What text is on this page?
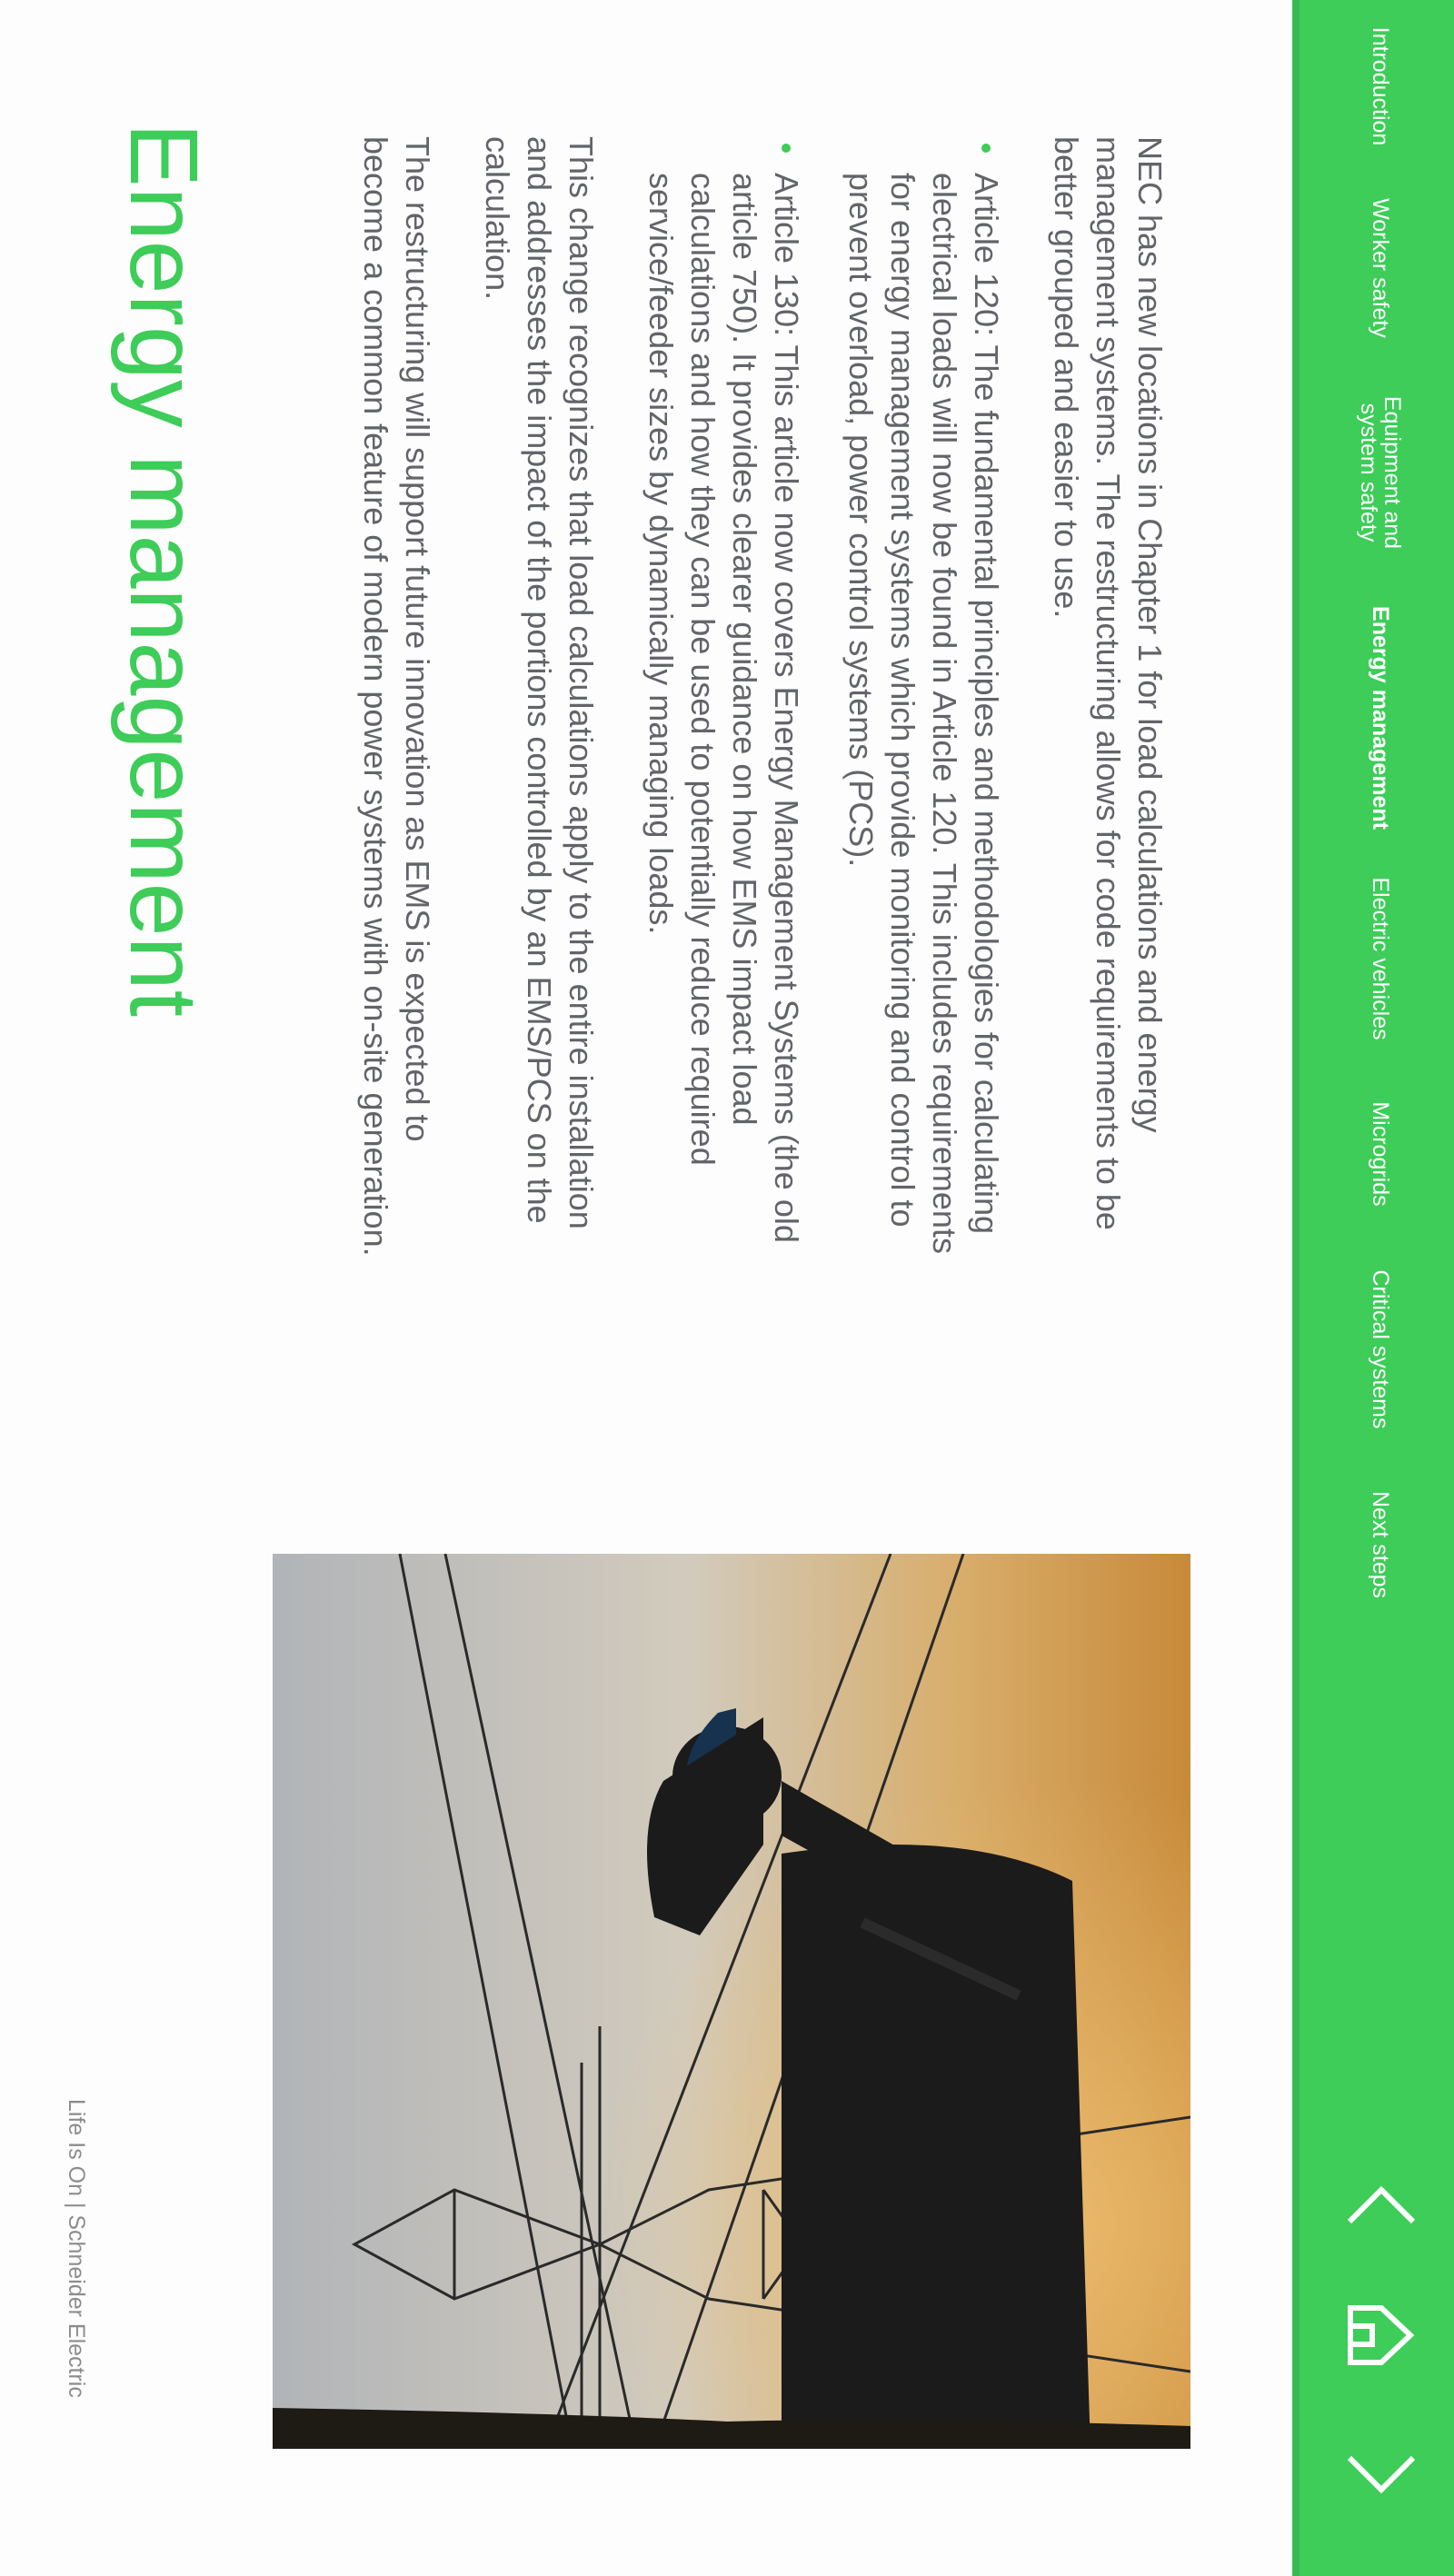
Life Is On | Schneider Electric
Energy management	NEC has new locations in Chapter 1 for load calculations and energy management systems. The restructuring allows for code requirements to be better grouped and easier to use.

Article 120: The fundamental principles and methodologies for calculating electrical loads will now be found in Article 120. This includes requirements for energy management systems which provide monitoring and control to prevent overload, power control systems (PCS).
Article 130: This article now covers Energy Management Systems (the old article 750). It provides clearer guidance on how EMS impact load calculations and how they can be used to potentially reduce required service/feeder sizes by dynamically managing loads.

This change recognizes that load calculations apply to the entire installation and addresses the impact of the portions controlled by an EMS/PCS on the calculation.

The restructuring will support future innovation as EMS is expected to become a common feature of modern power systems with on-site generation.

Introduction
Worker safety
Equipment and system safety
Energy management
Electric vehicles
Microgrids
Critical systems
Next steps
